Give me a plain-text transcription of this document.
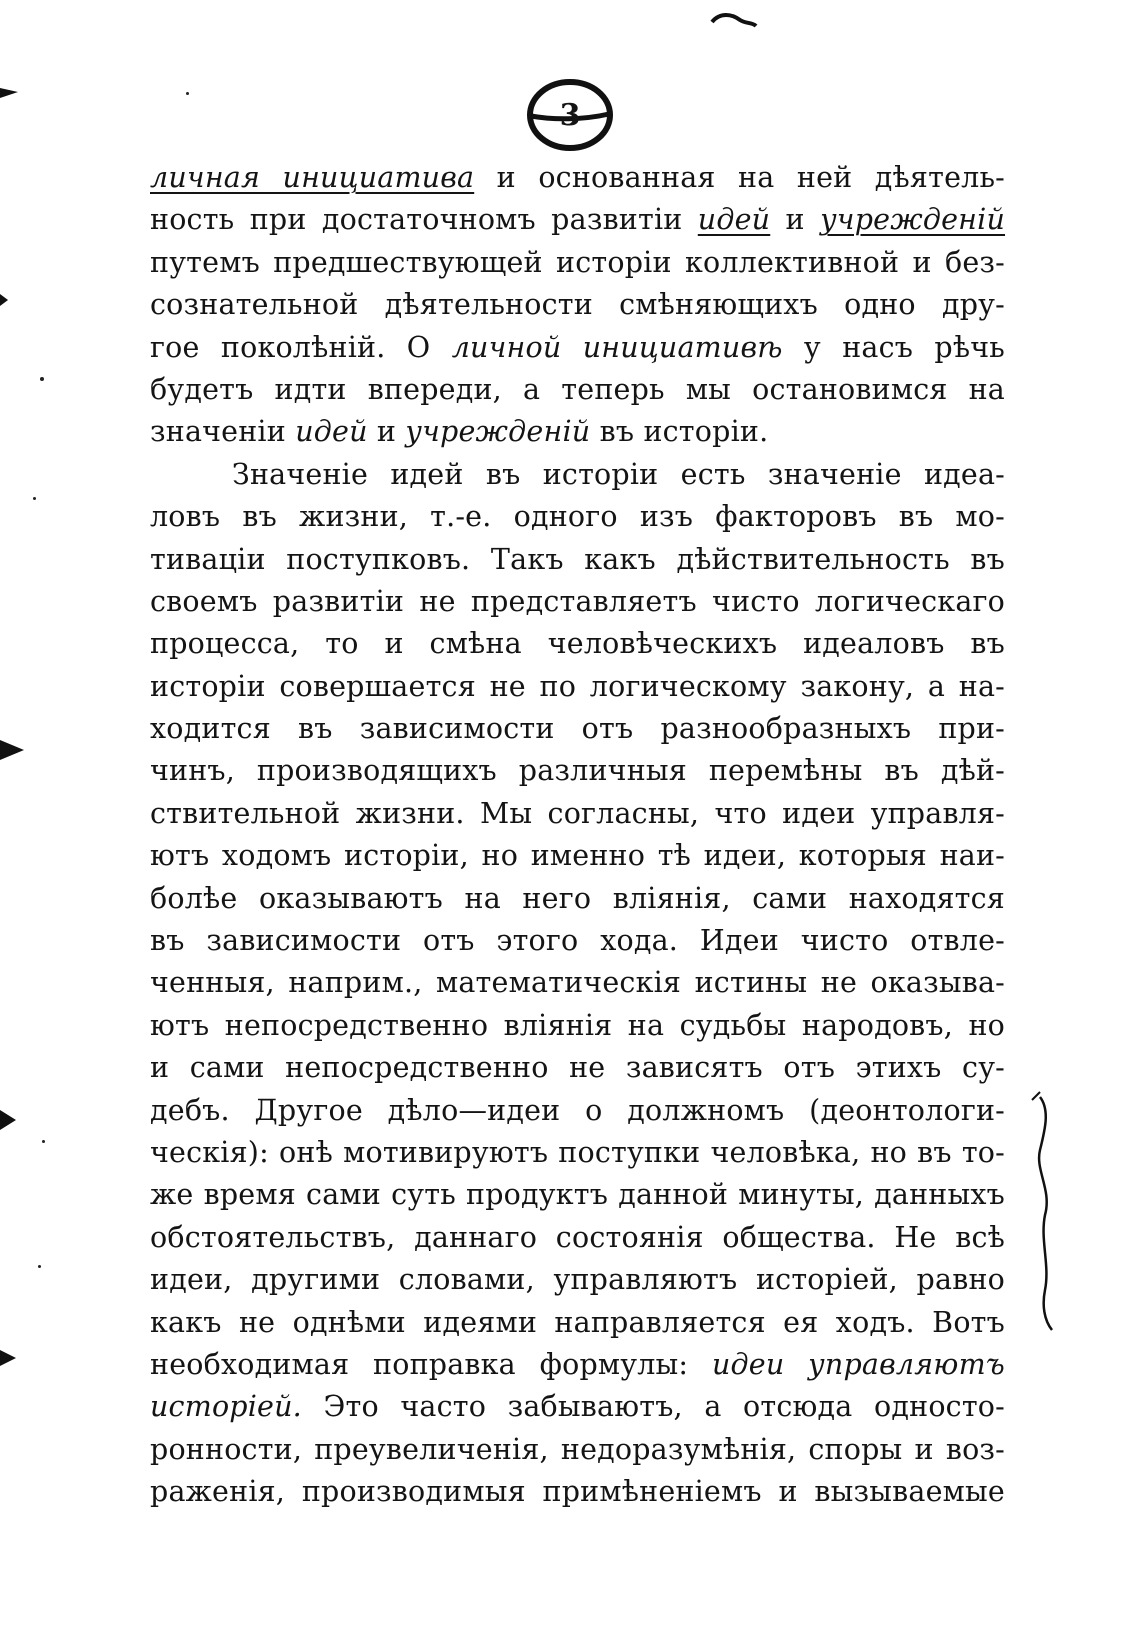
3
личная инициатива и основанная на ней дѣятель-
ность при достаточномъ развитіи идей и учрежденій
путемъ предшествующей исторіи коллективной и без-
сознательной дѣятельности смѣняющихъ одно дру-
гое поколѣній. О личной инициативѣ у насъ рѣчь
будетъ идти впереди, а теперь мы остановимся на
значеніи идей и учрежденій въ исторіи.
Значеніе идей въ исторіи есть значеніе идеа-
ловъ въ жизни, т.-е. одного изъ факторовъ въ мо-
тиваціи поступковъ. Такъ какъ дѣйствительность въ
своемъ развитіи не представляетъ чисто логическаго
процесса, то и смѣна человѣческихъ идеаловъ въ
исторіи совершается не по логическому закону, а на-
ходится въ зависимости отъ разнообразныхъ при-
чинъ, производящихъ различныя перемѣны въ дѣй-
ствительной жизни. Мы согласны, что идеи управля-
ютъ ходомъ исторіи, но именно тѣ идеи, которыя наи-
болѣе оказываютъ на него вліянія, сами находятся
въ зависимости отъ этого хода. Идеи чисто отвле-
ченныя, наприм., математическія истины не оказыва-
ютъ непосредственно вліянія на судьбы народовъ, но
и сами непосредственно не зависятъ отъ этихъ су-
дебъ. Другое дѣло—идеи о должномъ (деонтологи-
ческія): онѣ мотивируютъ поступки человѣка, но въ то-
же время сами суть продуктъ данной минуты, данныхъ
обстоятельствъ, даннаго состоянія общества. Не всѣ
идеи, другими словами, управляютъ исторіей, равно
какъ не однѣми идеями направляется ея ходъ. Вотъ
необходимая поправка формулы: идеи управляютъ
исторіей. Это часто забываютъ, а отсюда односто-
ронности, преувеличенія, недоразумѣнія, споры и воз-
раженія, производимыя примѣненіемъ и вызываемые
